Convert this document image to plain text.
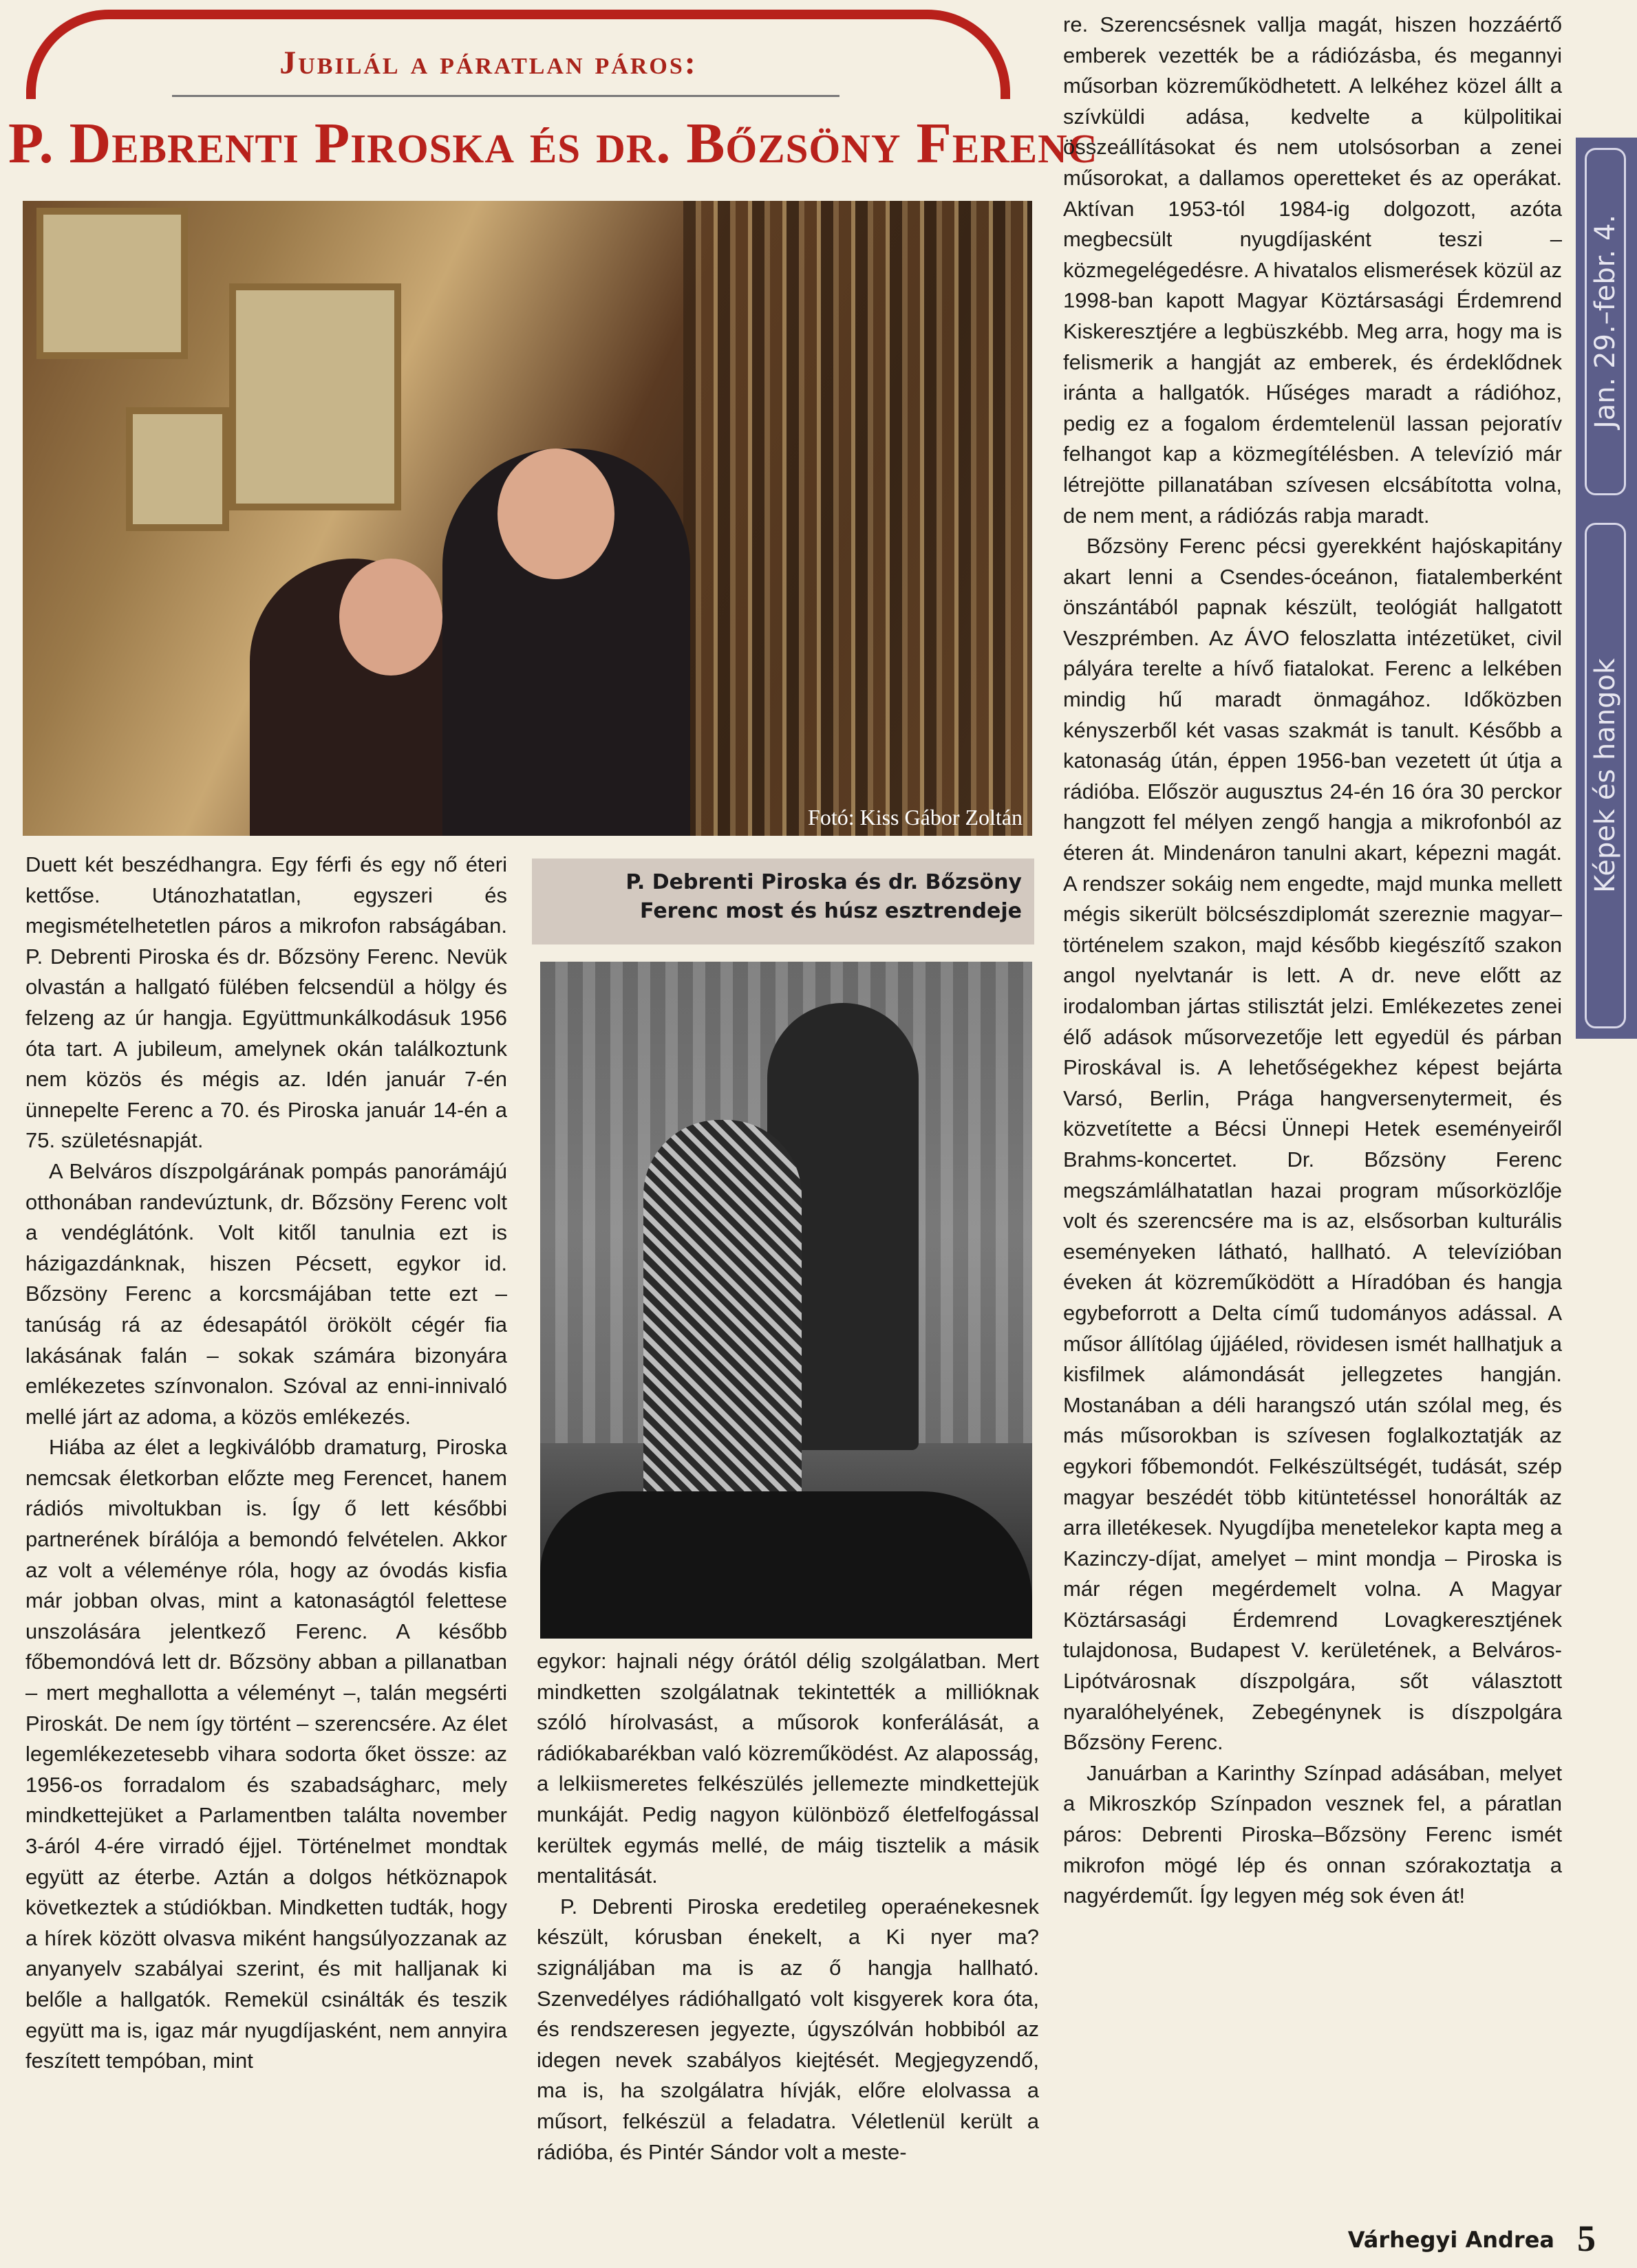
Jubilál a páratlan páros:
P. Debrenti Piroska és dr. Bőzsöny Ferenc
Fotó: Kiss Gábor Zoltán
P. Debrenti Piroska és dr. Bőzsöny Ferenc most és húsz esztrendeje

Duett két beszédhangra. Egy férfi és egy nő éteri kettőse. Utánozhatatlan, egyszeri és megismételhetetlen páros a mikrofon rabságában. P. Debrenti Piroska és dr. Bőzsöny Ferenc. Nevük olvastán a hallgató fülében felcsendül a hölgy és felzeng az úr hangja. Együttmunkálkodásuk 1956 óta tart. A jubileum, amelynek okán találkoztunk nem közös és mégis az. Idén január 7-én ünnepelte Ferenc a 70. és Piroska január 14-én a 75. születésnapját.

A Belváros díszpolgárának pompás panorámájú otthonában randevúztunk, dr. Bőzsöny Ferenc volt a vendéglátónk. Volt kitől tanulnia ezt is házigazdánknak, hiszen Pécsett, egykor id. Bőzsöny Ferenc a korcsmájában tette ezt – tanúság rá az édesapától örökölt cégér fia lakásának falán – sokak számára bizonyára emlékezetes színvonalon. Szóval az enni-innivaló mellé járt az adoma, a közös emlékezés.

Hiába az élet a legkiválóbb dramaturg, Piroska nemcsak életkorban előzte meg Ferencet, hanem rádiós mivoltukban is. Így ő lett későbbi partnerének bírálója a bemondó felvételen. Akkor az volt a véleménye róla, hogy az óvodás kisfia már jobban olvas, mint a katonaságtól felettese unszolására jelentkező Ferenc. A később főbemondóvá lett dr. Bőzsöny abban a pillanatban – mert meghallotta a véleményt –, talán megsérti Piroskát. De nem így történt – szerencsére. Az élet legemlékezetesebb vihara sodorta őket össze: az 1956-os forradalom és szabadságharc, mely mindkettejüket a Parlamentben találta november 3-áról 4-ére virradó éjjel. Történelmet mondtak együtt az éterbe. Aztán a dolgos hétköznapok következtek a stúdiókban. Mindketten tudták, hogy a hírek között olvasva miként hangsúlyozzanak az anyanyelv szabályai szerint, és mit halljanak ki belőle a hallgatók. Remekül csinálták és teszik együtt ma is, igaz már nyugdíjasként, nem annyira feszített tempóban, mint

egykor: hajnali négy órától délig szolgálatban. Mert mindketten szolgálatnak tekintették a millióknak szóló hírolvasást, a műsorok konferálását, a rádiókabarékban való közreműködést. Az alaposság, a lelkiismeretes felkészülés jellemezte mindkettejük munkáját. Pedig nagyon különböző életfelfogással kerültek egymás mellé, de máig tisztelik a másik mentalitását.

P. Debrenti Piroska eredetileg operaénekesnek készült, kórusban énekelt, a Ki nyer ma? szignáljában ma is az ő hangja hallható. Szenvedélyes rádióhallgató volt kisgyerek kora óta, és rendszeresen jegyezte, úgyszólván hobbiból az idegen nevek szabályos kiejtését. Megjegyzendő, ma is, ha szolgálatra hívják, előre elolvassa a műsort, felkészül a feladatra. Véletlenül került a rádióba, és Pintér Sándor volt a meste-

re. Szerencsésnek vallja magát, hiszen hozzáértő emberek vezették be a rádiózásba, és megannyi műsorban közreműködhetett. A lelkéhez közel állt a szívküldi adása, kedvelte a külpolitikai összeállításokat és nem utolsósorban a zenei műsorokat, a dallamos operetteket és az operákat. Aktívan 1953-tól 1984-ig dolgozott, azóta megbecsült nyugdíjasként teszi – közmegelégedésre. A hivatalos elismerések közül az 1998-ban kapott Magyar Köztársasági Érdemrend Kiskeresztjére a legbüszkébb. Meg arra, hogy ma is felismerik a hangját az emberek, és érdeklődnek iránta a hallgatók. Hűséges maradt a rádióhoz, pedig ez a fogalom érdemtelenül lassan pejoratív felhangot kap a közmegítélésben. A televízió már létrejötte pillanatában szívesen elcsábította volna, de nem ment, a rádiózás rabja maradt.

Bőzsöny Ferenc pécsi gyerekként hajóskapitány akart lenni a Csendes-óceánon, fiatalemberként önszántából papnak készült, teológiát hallgatott Veszprémben. Az ÁVO feloszlatta intézetüket, civil pályára terelte a hívő fiatalokat. Ferenc a lelkében mindig hű maradt önmagához. Időközben kényszerből két vasas szakmát is tanult. Később a katonaság útán, éppen 1956-ban vezetett út útja a rádióba. Először augusztus 24-én 16 óra 30 perckor hangzott fel mélyen zengő hangja a mikrofonból az éteren át. Mindenáron tanulni akart, képezni magát. A rendszer sokáig nem engedte, majd munka mellett mégis sikerült bölcsészdiplomát szereznie magyar–történelem szakon, majd később kiegészítő szakon angol nyelvtanár is lett. A dr. neve előtt az irodalomban jártas stilisztát jelzi. Emlékezetes zenei élő adások műsorvezetője lett egyedül és párban Piroskával is. A lehetőségekhez képest bejárta Varsó, Berlin, Prága hangversenytermeit, és közvetítette a Bécsi Ünnepi Hetek eseményeiről Brahms-koncertet. Dr. Bőzsöny Ferenc megszámlálhatatlan hazai program műsorközlője volt és szerencsére ma is az, elsősorban kulturális eseményeken látható, hallható. A televízióban éveken át közreműködött a Híradóban és hangja egybeforrott a Delta című tudományos adással. A műsor állítólag újjáéled, rövidesen ismét hallhatjuk a kisfilmek alámondását jellegzetes hangján. Mostanában a déli harangszó után szólal meg, és más műsorokban is szívesen foglalkoztatják az egykori főbemondót. Felkészültségét, tudását, szép magyar beszédét több kitüntetéssel honorálták az arra illetékesek. Nyugdíjba menetelekor kapta meg a Kazinczy-díjat, amelyet – mint mondja – Piroska is már régen megérdemelt volna. A Magyar Köztársasági Érdemrend Lovagkeresztjének tulajdonosa, Budapest V. kerületének, a Belváros-Lipótvárosnak díszpolgára, sőt választott nyaralóhelyének, Zebegénynek is díszpolgára Bőzsöny Ferenc.

Januárban a Karinthy Színpad adásában, melyet a Mikroszkóp Színpadon vesznek fel, a páratlan páros: Debrenti Piroska–Bőzsöny Ferenc ismét mikrofon mögé lép és onnan szórakoztatja a nagyérdeműt. Így legyen még sok éven át!

Várhegyi Andrea 5
Jan. 29.–febr. 4.
Képek és hangok
